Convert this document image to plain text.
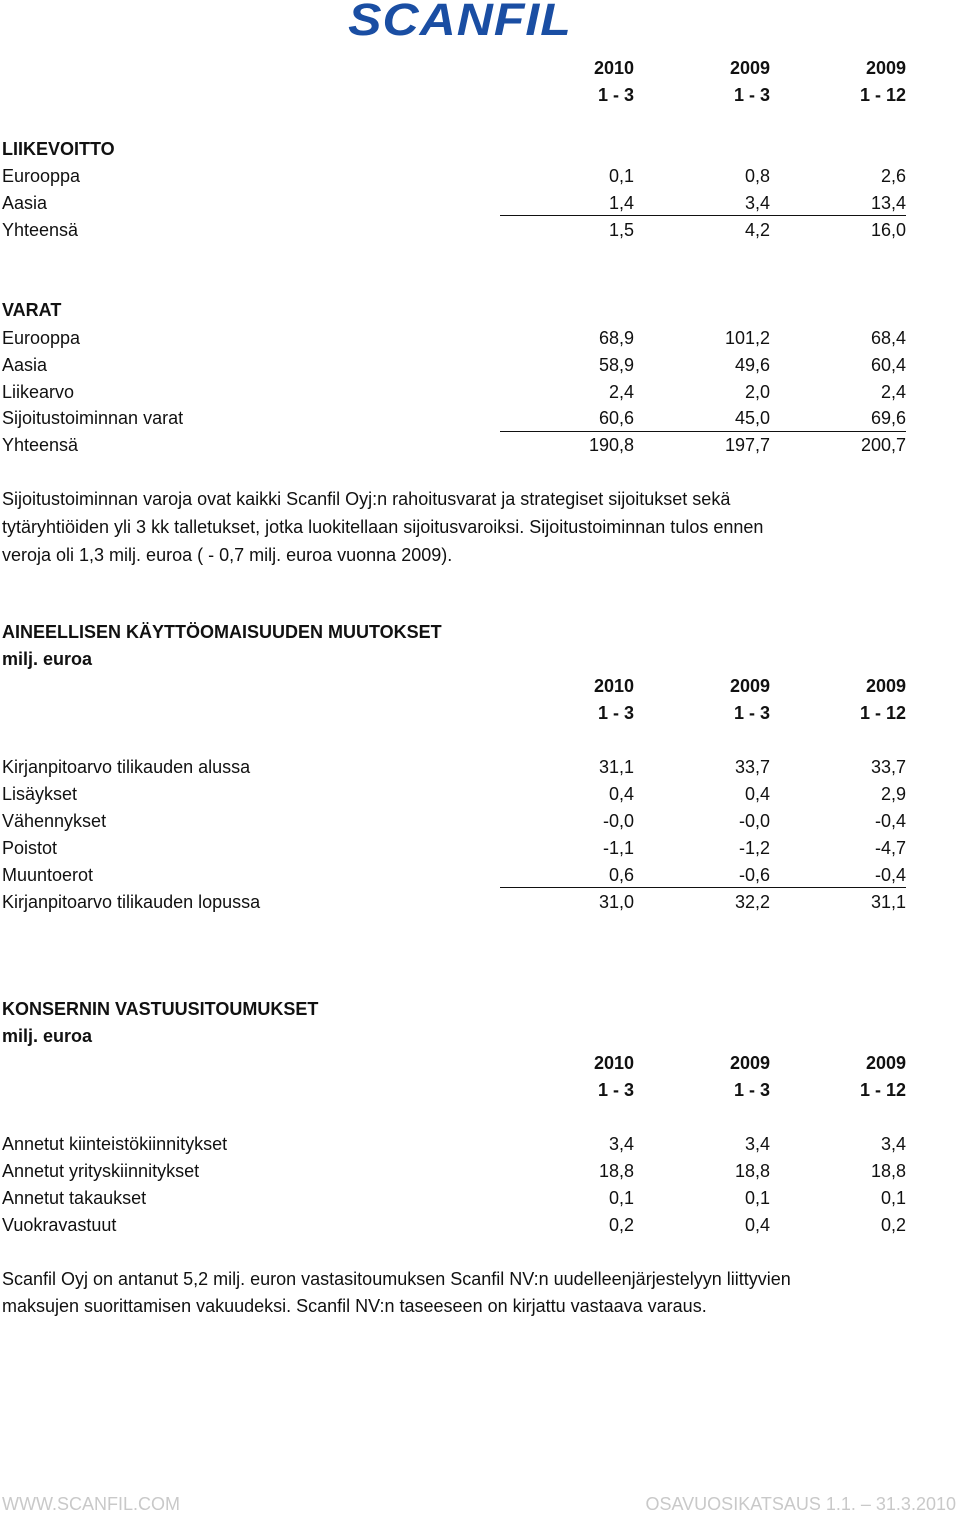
SCANFIL
2010	2009	2009
1 - 3	1 - 3	1 - 12
LIIKEVOITTO
Eurooppa	0,1	0,8	2,6
Aasia	1,4	3,4	13,4
Yhteensä	1,5	4,2	16,0
VARAT
Eurooppa	68,9	101,2	68,4
Aasia	58,9	49,6	60,4
Liikearvo	2,4	2,0	2,4
Sijoitustoiminnan varat	60,6	45,0	69,6
Yhteensä	190,8	197,7	200,7
Sijoitustoiminnan varoja ovat kaikki Scanfil Oyj:n rahoitusvarat ja strategiset sijoitukset sekä
tytäryhtiöiden yli 3 kk talletukset, jotka luokitellaan sijoitusvaroiksi. Sijoitustoiminnan tulos ennen
veroja oli 1,3 milj. euroa ( - 0,7 milj. euroa vuonna 2009).
AINEELLISEN KÄYTTÖOMAISUUDEN MUUTOKSET
milj. euroa
2010	2009	2009
1 - 3	1 - 3	1 - 12
Kirjanpitoarvo tilikauden alussa	31,1	33,7	33,7
Lisäykset	0,4	0,4	2,9
Vähennykset	-0,0	-0,0	-0,4
Poistot	-1,1	-1,2	-4,7
Muuntoerot	0,6	-0,6	-0,4
Kirjanpitoarvo tilikauden lopussa	31,0	32,2	31,1
KONSERNIN VASTUUSITOUMUKSET
milj. euroa
2010	2009	2009
1 - 3	1 - 3	1 - 12
Annetut kiinteistökiinnitykset	3,4	3,4	3,4
Annetut yrityskiinnitykset	18,8	18,8	18,8
Annetut takaukset	0,1	0,1	0,1
Vuokravastuut	0,2	0,4	0,2
Scanfil Oyj on antanut 5,2 milj. euron vastasitoumuksen Scanfil NV:n uudelleenjärjestelyyn liittyvien
maksujen suorittamisen vakuudeksi. Scanfil NV:n taseeseen on kirjattu vastaava varaus.
WWW.SCANFIL.COM	OSAVUOSIKATSAUS 1.1. – 31.3.2010
